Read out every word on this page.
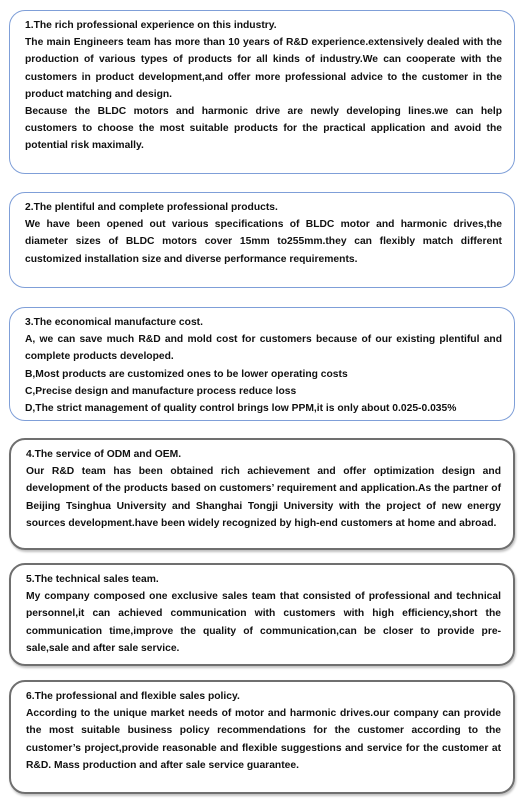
1.The rich professional experience on this industry.
The main Engineers team has more than 10 years of R&D experience.extensively dealed with the production of various types of products for all kinds of industry.We can cooperate with the customers in product development,and offer more professional advice to the customer in the product matching and design.
Because the BLDC motors and harmonic drive are newly developing lines.we can help customers to choose the most suitable products for the practical application and avoid the potential risk maximally.
2.The plentiful and complete professional products.
We have been opened out various specifications of BLDC motor and harmonic drives,the diameter sizes of BLDC motors cover 15mm to255mm.they can flexibly match different customized installation size and diverse performance requirements.
3.The economical manufacture cost.
A, we can save much R&D and mold cost for customers because of our existing plentiful and complete products developed.
B,Most products are customized ones to be lower operating costs
C,Precise design and manufacture process reduce loss
D,The strict management of quality control brings low PPM,it is only about 0.025-0.035%
4.The service of ODM and OEM.
Our R&D team has been obtained rich achievement and offer optimization design and development of the products based on customers’ requirement and application.As the partner of Beijing Tsinghua University and Shanghai Tongji University with the project of new energy sources development.have been widely recognized by high-end customers at home and abroad.
5.The technical sales team.
My company composed one exclusive sales team that consisted of professional and technical personnel,it can achieved communication with customers with high efficiency,short the communication time,improve the quality of communication,can be closer to provide pre-sale,sale and after sale service.
6.The professional and flexible sales policy.
According to the unique market needs of motor and harmonic drives.our company can provide the most suitable business policy recommendations for the customer according to the customer’s project,provide reasonable and flexible suggestions and service for the customer at R&D. Mass production and after sale service guarantee.
